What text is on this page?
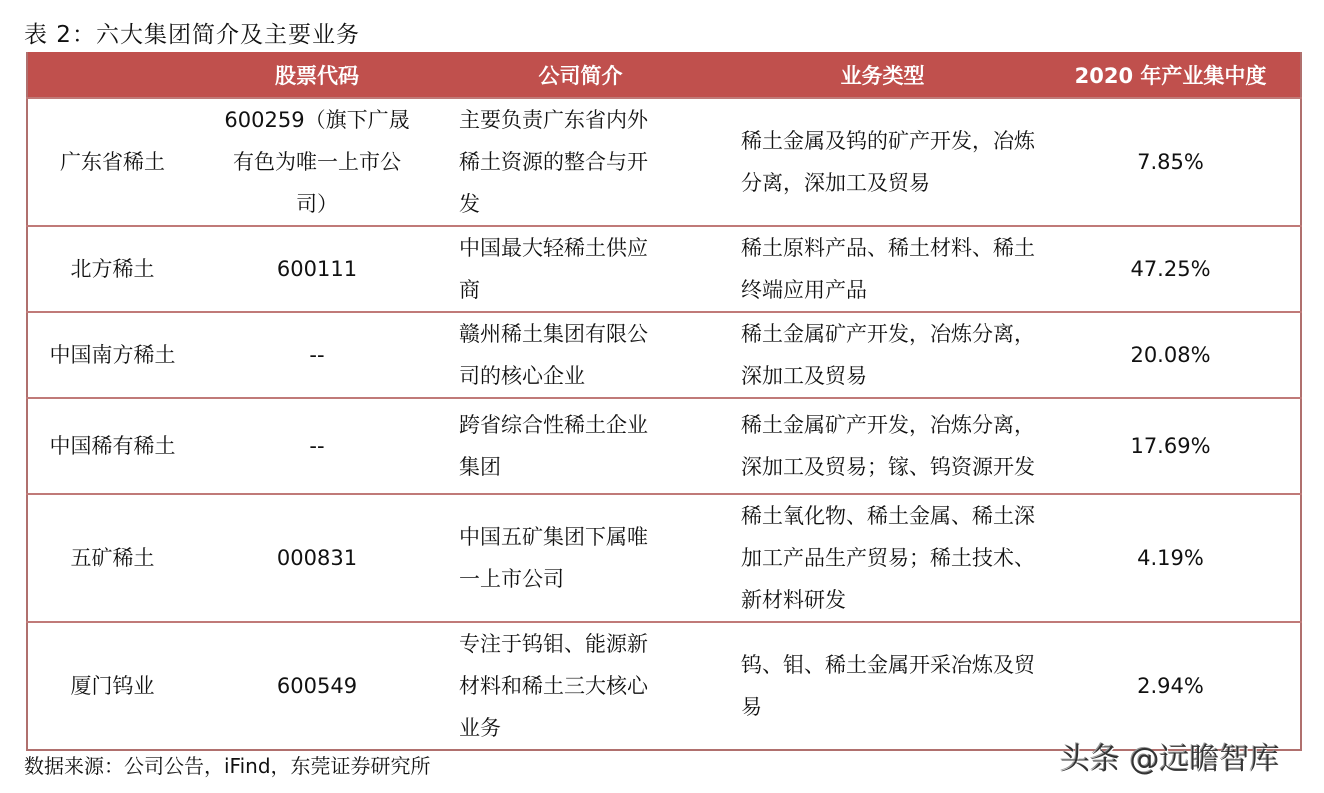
表 2：六大集团简介及主要业务
	股票代码	公司简介	业务类型	2020 年产业集中度

广东省稀土	600259（旗下广晟
有色为唯一上市公
司）	主要负责广东省内外
稀土资源的整合与开
发	稀土金属及钨的矿产开发，冶炼
分离，深加工及贸易	7.85%

北方稀土	600111	中国最大轻稀土供应
商	稀土原料产品、稀土材料、稀土
终端应用产品	47.25%

中国南方稀土	--	赣州稀土集团有限公
司的核心企业	稀土金属矿产开发，冶炼分离，
深加工及贸易	20.08%

中国稀有稀土	--	跨省综合性稀土企业
集团	稀土金属矿产开发，冶炼分离，
深加工及贸易；镓、钨资源开发	17.69%

五矿稀土	000831	中国五矿集团下属唯
一上市公司	稀土氧化物、稀土金属、稀土深
加工产品生产贸易；稀土技术、
新材料研发	4.19%

厦门钨业	600549	专注于钨钼、能源新
材料和稀土三大核心
业务	钨、钼、稀土金属开采冶炼及贸
易	2.94%
数据来源：公司公告，iFind，东莞证券研究所	头条 @远瞻智库
